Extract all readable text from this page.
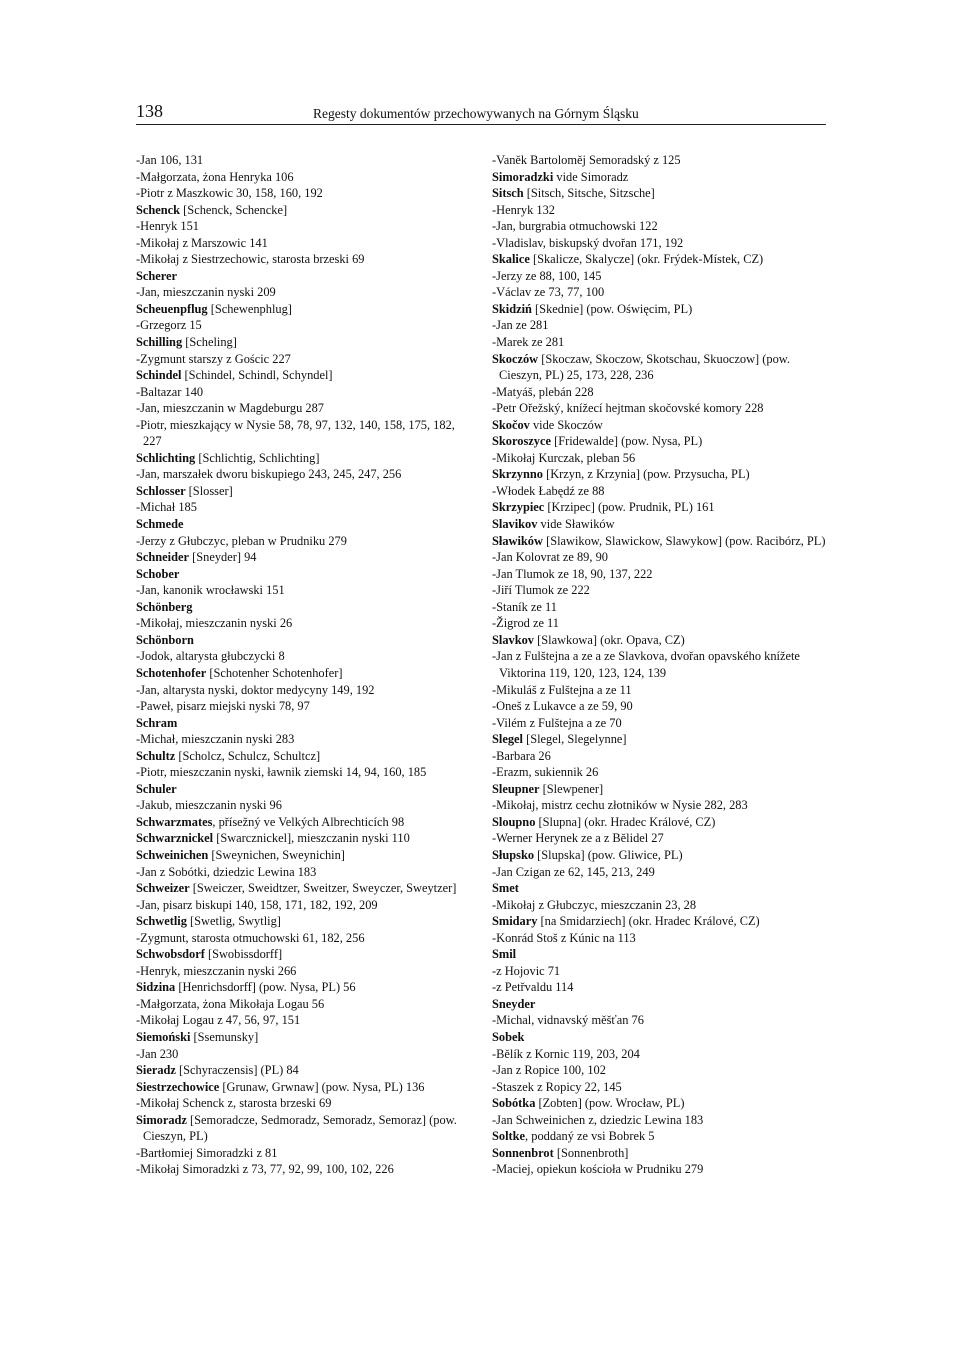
138	Regesty dokumentów przechowywanych na Górnym Śląsku

-Jan 106, 131

-Małgorzata, żona Henryka 106

-Piotr z Maszkowic 30, 158, 160, 192

Schenck [Schenck, Schencke]

-Henryk 151

-Mikołaj z Marszowic 141

-Mikołaj z Siestrzechowic, starosta brzeski 69

Scherer

-Jan, mieszczanin nyski 209

Scheuenpflug [Schewenphlug]

-Grzegorz 15

Schilling [Scheling]

-Zygmunt starszy z Gościc 227

Schindel [Schindel, Schindl, Schyndel]

-Baltazar 140

-Jan, mieszczanin w Magdeburgu 287

-Piotr, mieszkający w Nysie 58, 78, 97, 132, 140, 158, 175, 182, 227

Schlichting [Schlichtig, Schlichting]

-Jan, marszałek dworu biskupiego 243, 245, 247, 256

Schlosser [Slosser]

-Michał 185

Schmede

-Jerzy z Głubczyc, pleban w Prudniku 279

Schneider [Sneyder] 94

Schober

-Jan, kanonik wrocławski 151

Schönberg

-Mikołaj, mieszczanin nyski 26

Schönborn

-Jodok, altarysta głubczycki 8

Schotenhofer [Schotenher Schotenhofer]

-Jan, altarysta nyski, doktor medycyny 149, 192

-Paweł, pisarz miejski nyski 78, 97

Schram

-Michał, mieszczanin nyski 283

Schultz [Scholcz, Schulcz, Schultcz]

-Piotr, mieszczanin nyski, ławnik ziemski 14, 94, 160, 185

Schuler

-Jakub, mieszczanin nyski 96

Schwarzmates, přísežný ve Velkých Albrechticích 98

Schwarznickel [Swarcznickel], mieszczanin nyski 110

Schweinichen [Sweynichen, Sweynichin]

-Jan z Sobótki, dziedzic Lewina 183

Schweizer [Sweiczer, Sweidtzer, Sweitzer, Sweyczer, Sweytzer]

-Jan, pisarz biskupi 140, 158, 171, 182, 192, 209

Schwetlig [Swetlig, Swytlig]

-Zygmunt, starosta otmuchowski 61, 182, 256

Schwobsdorf [Swobissdorff]

-Henryk, mieszczanin nyski 266

Sidzina [Henrichsdorff] (pow. Nysa, PL) 56

-Małgorzata, żona Mikołaja Logau 56

-Mikołaj Logau z 47, 56, 97, 151

Siemoński [Ssemunsky]

-Jan 230

Sieradz [Schyraczensis] (PL) 84

Siestrzechowice [Grunaw, Grwnaw] (pow. Nysa, PL) 136

-Mikołaj Schenck z, starosta brzeski 69

Simoradz [Semoradcze, Sedmoradz, Semoradz, Semoraz] (pow. Cieszyn, PL)

-Bartłomiej Simoradzki z 81

-Mikołaj Simoradzki z 73, 77, 92, 99, 100, 102, 226

-Vaněk Bartoloměj Semoradský z 125

Simoradzki vide Simoradz

Sitsch [Sitsch, Sitsche, Sitzsche]

-Henryk 132

-Jan, burgrabia otmuchowski 122

-Vladislav, biskupský dvořan 171, 192

Skalice [Skalicze, Skalycze] (okr. Frýdek-Místek, CZ)

-Jerzy ze 88, 100, 145

-Václav ze 73, 77, 100

Skidziń [Skednie] (pow. Oświęcim, PL)

-Jan ze 281

-Marek ze 281

Skoczów [Skoczaw, Skoczow, Skotschau, Skuoczow] (pow. Cieszyn, PL) 25, 173, 228, 236

-Matyáš, plebán 228

-Petr Ořežský, knížecí hejtman skočovské komory 228

Skočov vide Skoczów

Skoroszyce [Fridewalde] (pow. Nysa, PL)

-Mikołaj Kurczak, pleban 56

Skrzynno [Krzyn, z Krzynia] (pow. Przysucha, PL)

-Włodek Łabędź ze 88

Skrzypiec [Krzipec] (pow. Prudnik, PL) 161

Slavikov vide Sławików

Sławików [Slawikow, Slawickow, Slawykow] (pow. Racibórz, PL)

-Jan Kolovrat ze 89, 90

-Jan Tlumok ze 18, 90, 137, 222

-Jiří Tlumok ze 222

-Staník ze 11

-Žigrod ze 11

Slavkov [Slawkowa] (okr. Opava, CZ)

-Jan z Fulštejna a ze a ze Slavkova, dvořan opavského knížete Viktorina 119, 120, 123, 124, 139

-Mikuláš z Fulštejna a ze 11

-Oneš z Lukavce a ze 59, 90

-Vilém z Fulštejna a ze 70

Slegel [Slegel, Slegelynne]

-Barbara 26

-Erazm, sukiennik 26

Sleupner [Slewpener]

-Mikołaj, mistrz cechu złotników w Nysie 282, 283

Sloupno [Slupna] (okr. Hradec Králové, CZ)

-Werner Herynek ze a z Bělidel 27

Słupsko [Slupska] (pow. Gliwice, PL)

-Jan Czigan ze 62, 145, 213, 249

Smet

-Mikołaj z Głubczyc, mieszczanin 23, 28

Smidary [na Smidarziech] (okr. Hradec Králové, CZ)

-Konrád Stoš z Kúnic na 113

Smil

-z Hojovic 71

-z Petřvaldu 114

Sneyder

-Michal, vidnavský měšťan 76

Sobek

-Bělík z Kornic 119, 203, 204

-Jan z Ropice 100, 102

-Staszek z Ropicy 22, 145

Sobótka [Zobten] (pow. Wrocław, PL)

-Jan Schweinichen z, dziedzic Lewina 183

Soltke, poddaný ze vsi Bobrek 5

Sonnenbrot [Sonnenbroth]

-Maciej, opiekun kościoła w Prudniku 279
